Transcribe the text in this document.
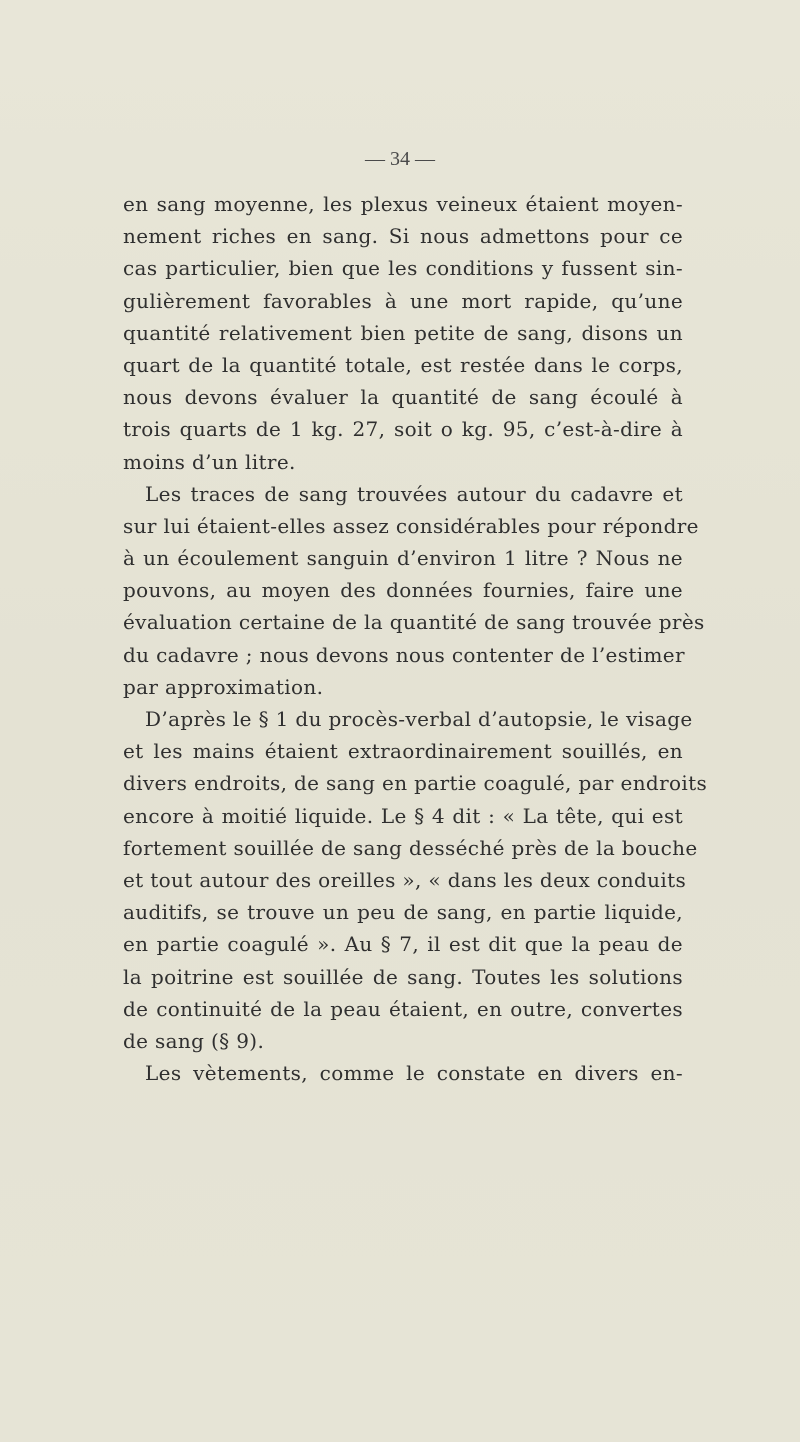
— 34 —
en sang moyenne, les plexus veineux étaient moyen-
nement riches en sang. Si nous admettons pour ce
cas particulier, bien que les conditions y fussent sin-
gulièrement favorables à une mort rapide, qu’une
quantité relativement bien petite de sang, disons un
quart de la quantité totale, est restée dans le corps,
nous devons évaluer la quantité de sang écoulé à
trois quarts de 1 kg. 27, soit o kg. 95, c’est-à-dire à
moins d’un litre.
Les traces de sang trouvées autour du cadavre et
sur lui étaient-elles assez considérables pour répondre
à un écoulement sanguin d’environ 1 litre ? Nous ne
pouvons, au moyen des données fournies, faire une
évaluation certaine de la quantité de sang trouvée près
du cadavre ; nous devons nous contenter de l’estimer
par approximation.
D’après le § 1 du procès-verbal d’autopsie, le visage
et les mains étaient extraordinairement souillés, en
divers endroits, de sang en partie coagulé, par endroits
encore à moitié liquide. Le § 4 dit : « La tête, qui est
fortement souillée de sang desséché près de la bouche
et tout autour des oreilles », « dans les deux conduits
auditifs, se trouve un peu de sang, en partie liquide,
en partie coagulé ». Au § 7, il est dit que la peau de
la poitrine est souillée de sang. Toutes les solutions
de continuité de la peau étaient, en outre, convertes
de sang (§ 9).
Les vètements, comme le constate en divers en-
